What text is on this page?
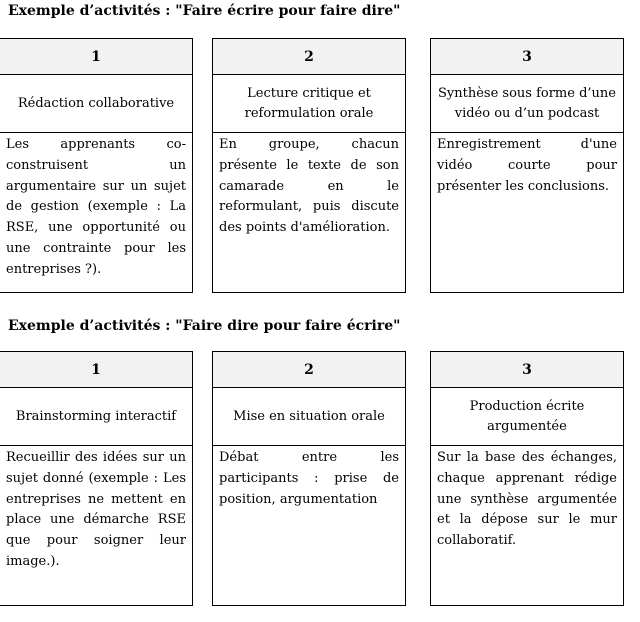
Exemple d’activités : "Faire écrire pour faire dire"
1
Rédaction collaborative
Les apprenants co-construisent un argumentaire sur un sujet de gestion (exemple : La RSE, une opportunité ou une contrainte pour les entreprises ?).
2
Lecture critique et reformulation orale
En groupe, chacun présente le texte de son camarade en le reformulant, puis discute des points d'amélioration.
3
Synthèse sous forme d’une vidéo ou d’un podcast
Enregistrement d'une vidéo courte pour présenter les conclusions.
Exemple d’activités : "Faire dire pour faire écrire"
1
Brainstorming interactif
Recueillir des idées sur un sujet donné (exemple : Les entreprises ne mettent en place une démarche RSE que pour soigner leur image.).
2
Mise en situation orale
Débat entre les participants : prise de position, argumentation
3
Production écrite argumentée
Sur la base des échanges, chaque apprenant rédige une synthèse argumentée et la dépose sur le mur collaboratif.
